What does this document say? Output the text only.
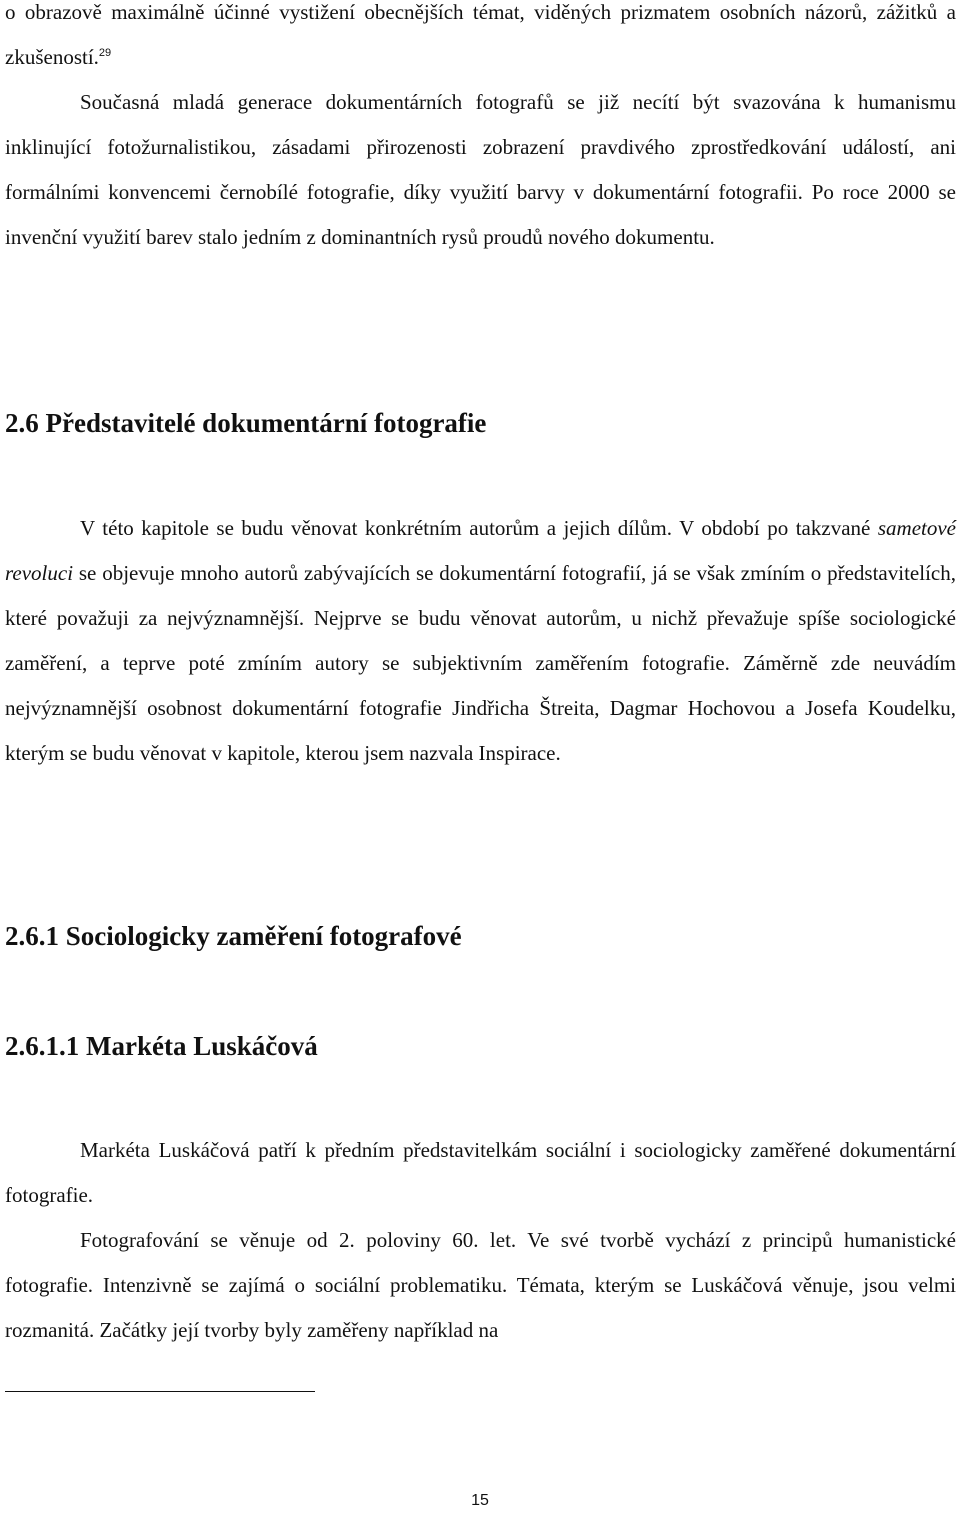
o obrazově maximálně účinné vystižení obecnějších témat, viděných prizmatem osobních názorů, zážitků a zkušeností.$^{29}$

Současná mladá generace dokumentárních fotografů se již necítí být svazována k humanismu inklinující fotožurnalistikou, zásadami přirozenosti zobrazení pravdivého zprostředkování událostí, ani formálními konvencemi černobílé fotografie, díky využití barvy v dokumentární fotografii. Po roce 2000 se invenční využití barev stalo jedním z dominantních rysů proudů nového dokumentu.

2.6 Představitelé dokumentární fotografie

V této kapitole se budu věnovat konkrétním autorům a jejich dílům. V období po takzvané sametové revoluci se objevuje mnoho autorů zabývajících se dokumentární fotografií, já se však zmíním o představitelích, které považuji za nejvýznamnější. Nejprve se budu věnovat autorům, u nichž převažuje spíše sociologické zaměření, a teprve poté zmíním autory se subjektivním zaměřením fotografie. Záměrně zde neuvádím nejvýznamnější osobnost dokumentární fotografie Jindřicha Štreita, Dagmar Hochovou a Josefa Koudelku, kterým se budu věnovat v kapitole, kterou jsem nazvala Inspirace.

2.6.1 Sociologicky zaměření fotografové
2.6.1.1 Markéta Luskáčová

Markéta Luskáčová patří k předním představitelkám sociální i sociologicky zaměřené dokumentární fotografie.

Fotografování se věnuje od 2. poloviny 60. let. Ve své tvorbě vychází z principů humanistické fotografie. Intenzivně se zajímá o sociální problematiku. Témata, kterým se Luskáčová věnuje, jsou velmi rozmanitá. Začátky její tvorby byly zaměřeny například na

15
